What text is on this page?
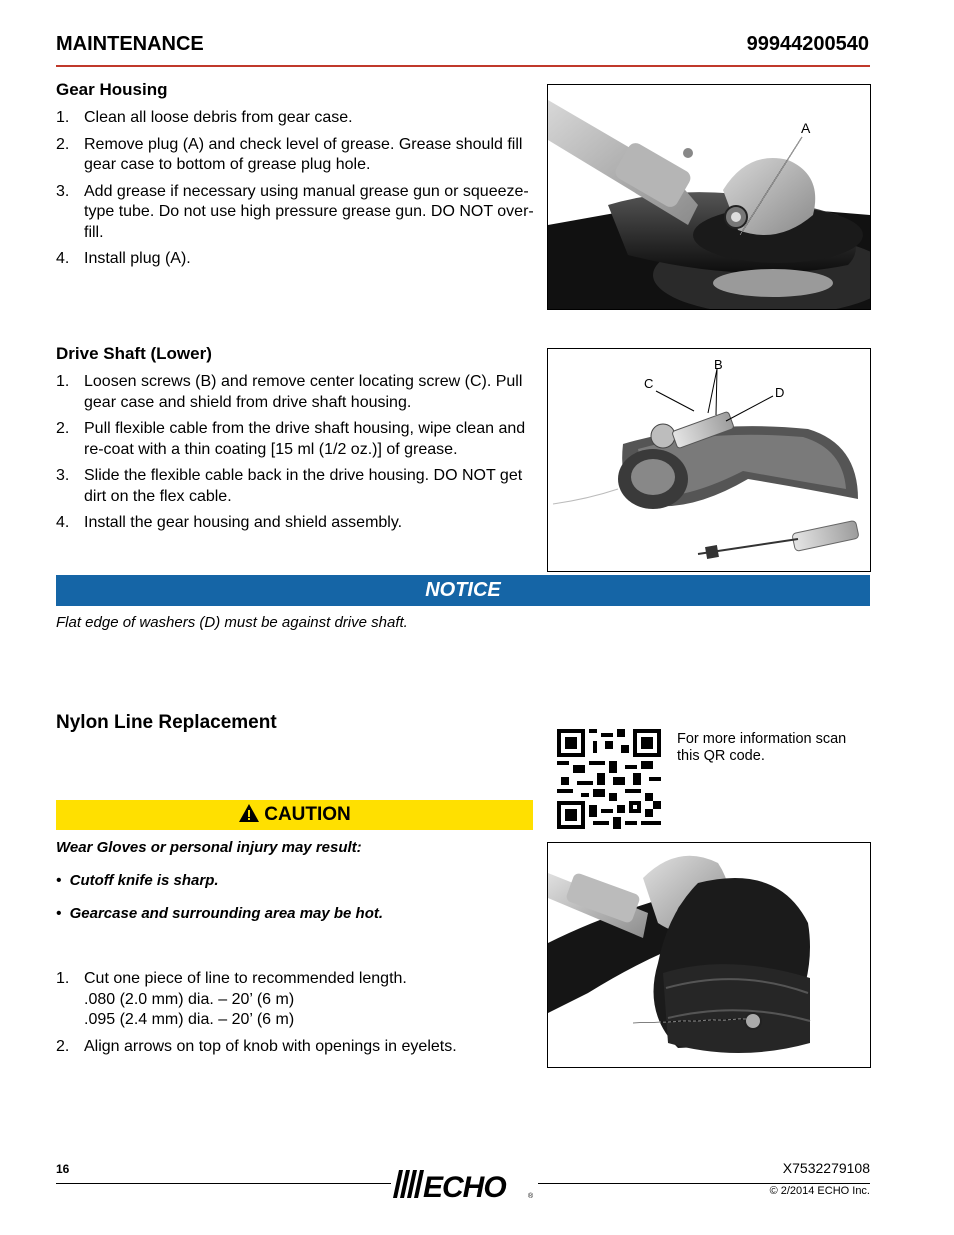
MAINTENANCE	99944200540
Gear Housing
1. Clean all loose debris from gear case.
2. Remove plug (A) and check level of grease. Grease should fill gear case to bottom of grease plug hole.
3. Add grease if necessary using manual grease gun or squeeze-type tube. Do not use high pressure grease gun. DO NOT over-fill.
4. Install plug (A).
A
Drive Shaft (Lower)
1. Loosen screws (B) and remove center locating screw (C). Pull gear case and shield from drive shaft housing.
2. Pull flexible cable from the drive shaft housing, wipe clean and re-coat with a thin coating [15 ml (1/2 oz.)] of grease.
3. Slide the flexible cable back in the drive housing. DO NOT get dirt on the flex cable.
4. Install the gear housing and shield assembly.
B
C
D
NOTICE
Flat edge of washers (D) must be against drive shaft.
Nylon Line Replacement
For more information scan this QR code.
CAUTION
Wear Gloves or personal injury may result:
• Cutoff knife is sharp.
• Gearcase and surrounding area may be hot.
1. Cut one piece of line to recommended length.
.080 (2.0 mm) dia. – 20’ (6 m)
.095 (2.4 mm) dia. – 20’ (6 m)
2. Align arrows on top of knob with openings in eyelets.
16
ECHO	®
X7532279108
© 2/2014 ECHO Inc.
